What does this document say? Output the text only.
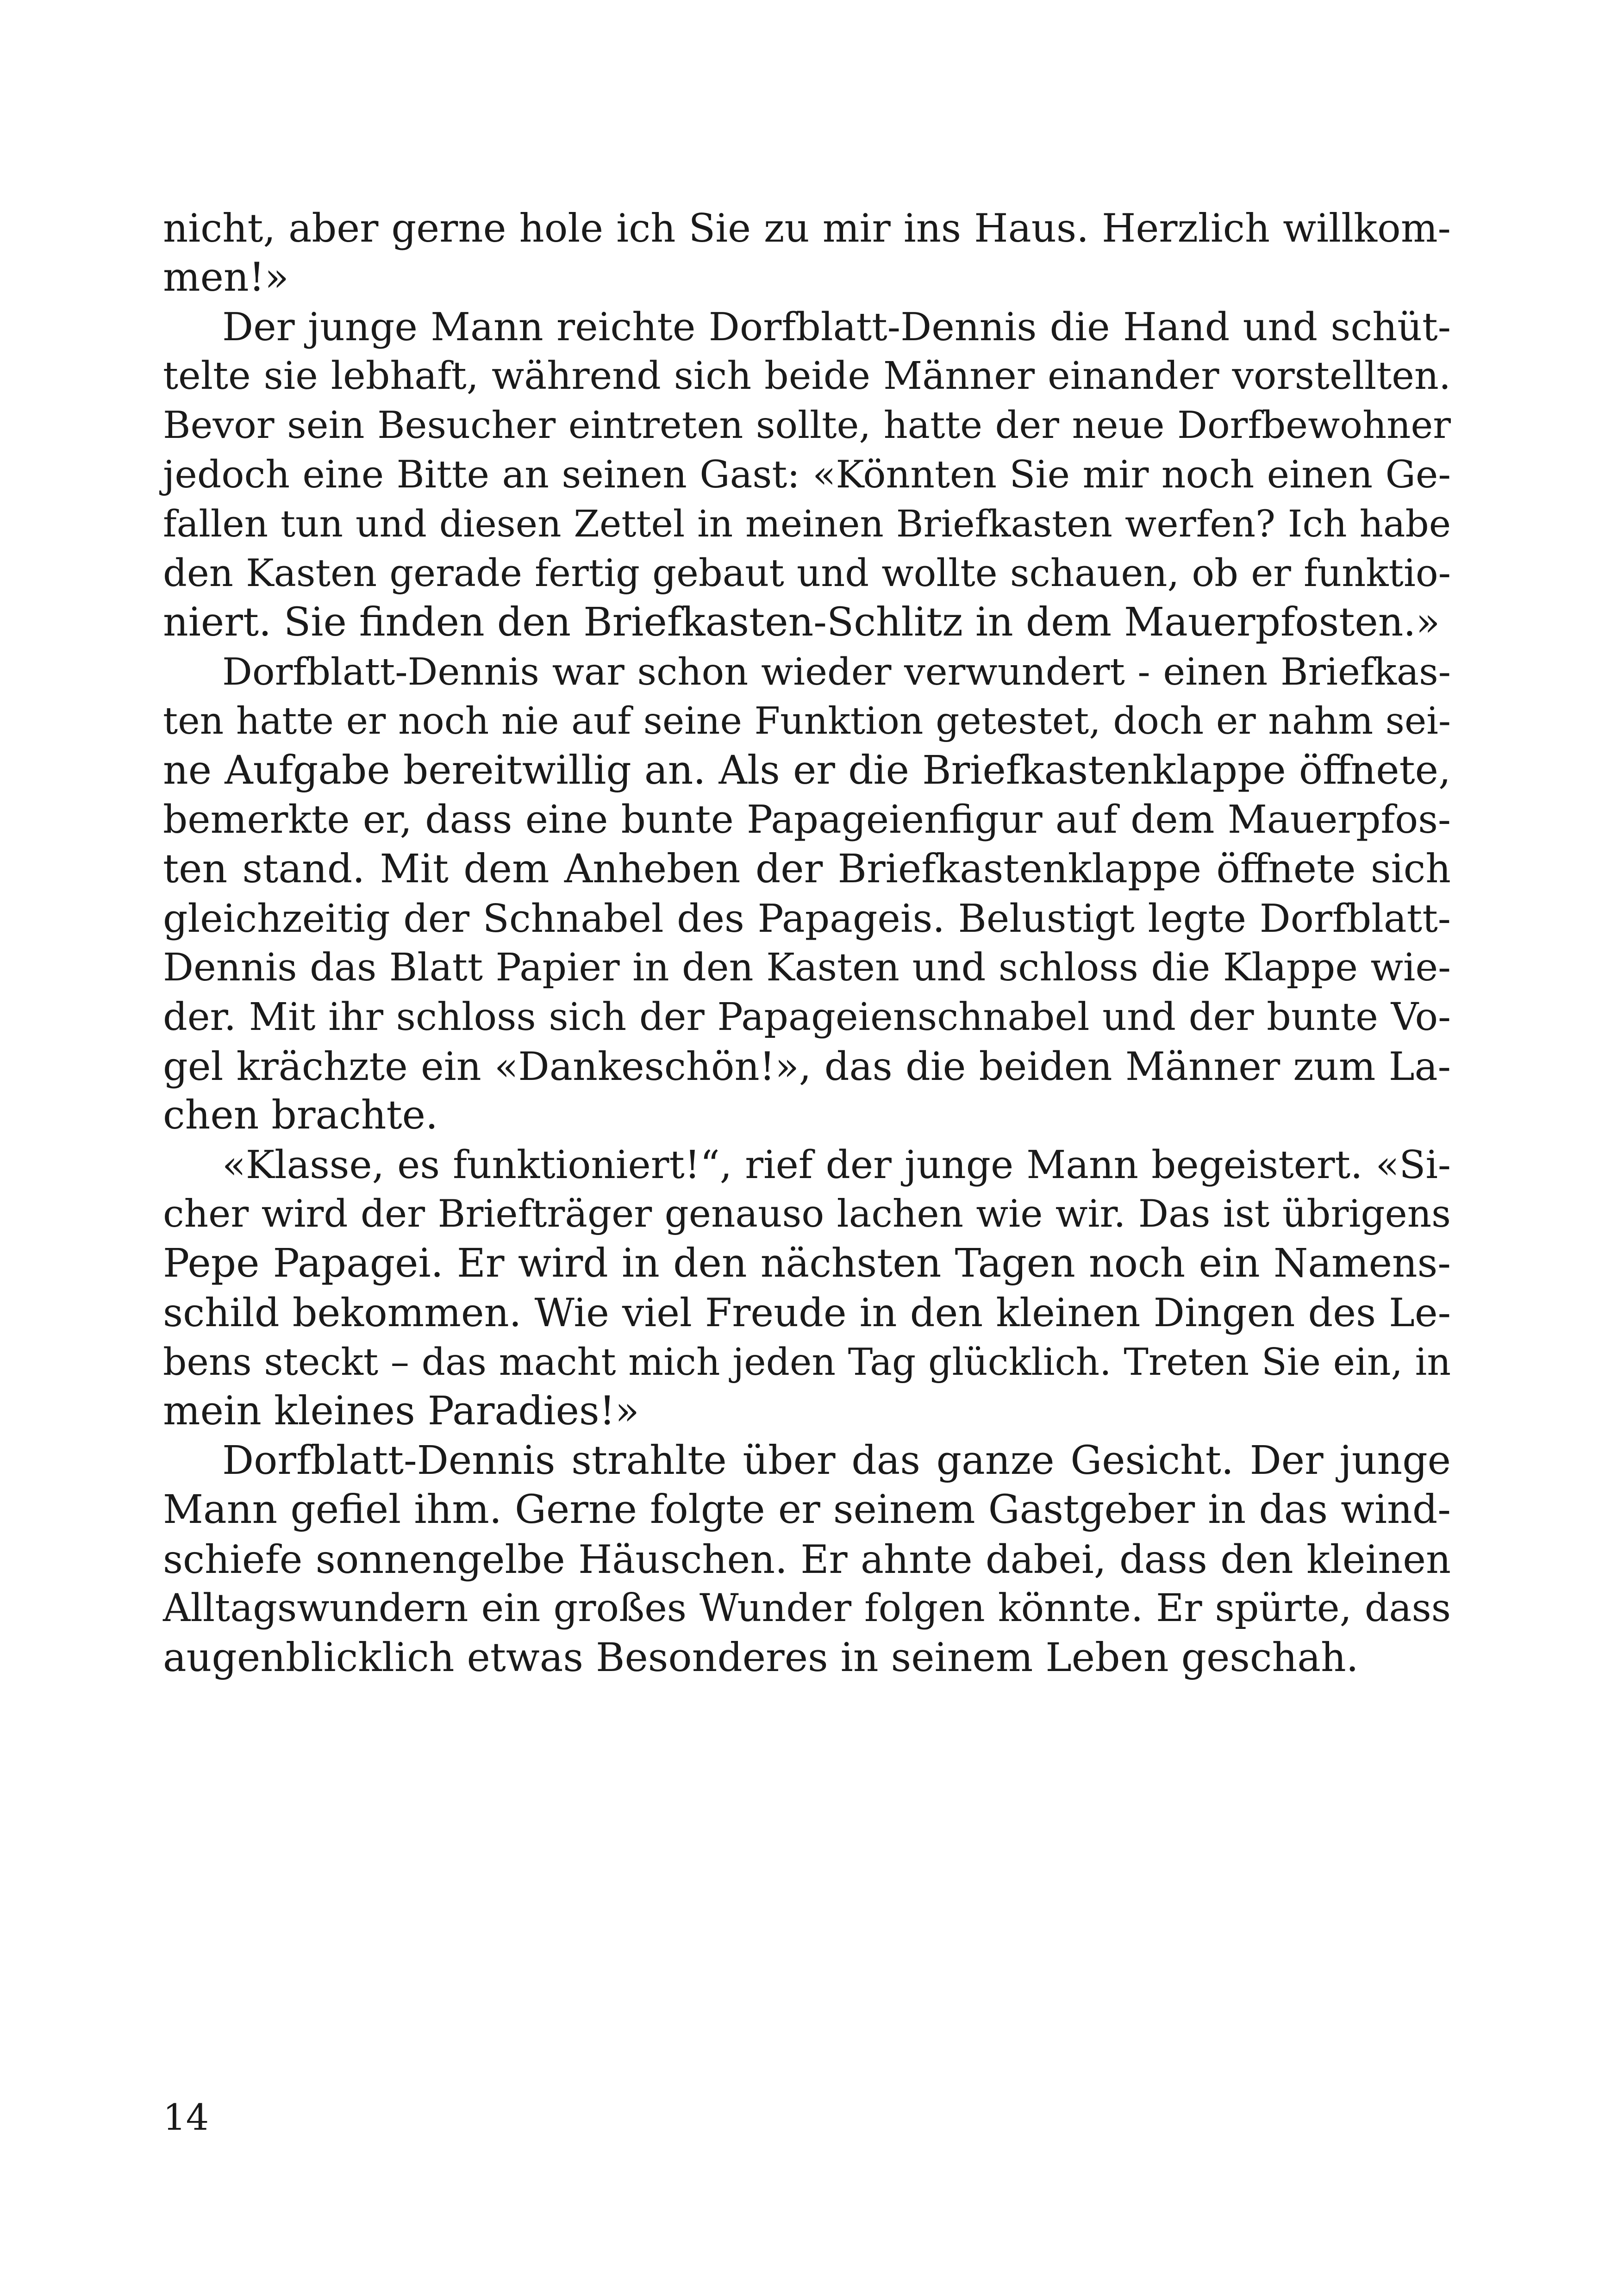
nicht, aber gerne hole ich Sie zu mir ins Haus. Herzlich willkom-
men!»
Der junge Mann reichte Dorfblatt-Dennis die Hand und schüt-
telte sie lebhaft, während sich beide Männer einander vorstellten.
Bevor sein Besucher eintreten sollte, hatte der neue Dorfbewohner
jedoch eine Bitte an seinen Gast: «Könnten Sie mir noch einen Ge-
fallen tun und diesen Zettel in meinen Briefkasten werfen? Ich habe
den Kasten gerade fertig gebaut und wollte schauen, ob er funktio-
niert. Sie finden den Briefkasten-Schlitz in dem Mauerpfosten.»
Dorfblatt-Dennis war schon wieder verwundert - einen Briefkas-
ten hatte er noch nie auf seine Funktion getestet, doch er nahm sei-
ne Aufgabe bereitwillig an. Als er die Briefkastenklappe öffnete,
bemerkte er, dass eine bunte Papageienfigur auf dem Mauerpfos-
ten stand. Mit dem Anheben der Briefkastenklappe öffnete sich
gleichzeitig der Schnabel des Papageis. Belustigt legte Dorfblatt-
Dennis das Blatt Papier in den Kasten und schloss die Klappe wie-
der. Mit ihr schloss sich der Papageienschnabel und der bunte Vo-
gel krächzte ein «Dankeschön!», das die beiden Männer zum La-
chen brachte.
«Klasse, es funktioniert!“, rief der junge Mann begeistert. «Si-
cher wird der Briefträger genauso lachen wie wir. Das ist übrigens
Pepe Papagei. Er wird in den nächsten Tagen noch ein Namens-
schild bekommen. Wie viel Freude in den kleinen Dingen des Le-
bens steckt – das macht mich jeden Tag glücklich. Treten Sie ein, in
mein kleines Paradies!»
Dorfblatt-Dennis strahlte über das ganze Gesicht. Der junge
Mann gefiel ihm. Gerne folgte er seinem Gastgeber in das wind-
schiefe sonnengelbe Häuschen. Er ahnte dabei, dass den kleinen
Alltagswundern ein großes Wunder folgen könnte. Er spürte, dass
augenblicklich etwas Besonderes in seinem Leben geschah.
14
